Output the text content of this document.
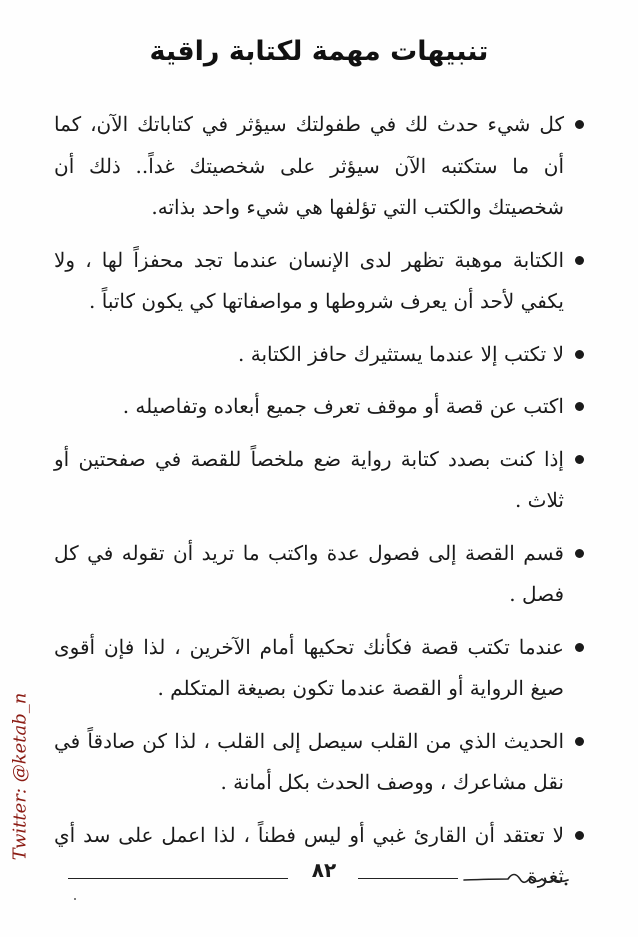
تنبيهات مهمة لكتابة راقية
كل شيء حدث لك في طفولتك سيؤثر في كتاباتك الآن، كما أن ما ستكتبه الآن سيؤثر على شخصيتك غداً.. ذلك أن شخصيتك والكتب التي تؤلفها هي شيء واحد بذاته.
الكتابة موهبة تظهر لدى الإنسان عندما تجد محفزاً لها ، ولا يكفي لأحد أن يعرف شروطها و مواصفاتها كي يكون كاتباً .
لا تكتب إلا عندما يستثيرك حافز الكتابة .
اكتب عن قصة أو موقف تعرف جميع أبعاده وتفاصيله .
إذا كنت بصدد كتابة رواية ضع ملخصاً للقصة في صفحتين أو ثلاث .
قسم القصة إلى فصول عدة واكتب ما تريد أن تقوله في كل فصل .
عندما تكتب قصة فكأنك تحكيها أمام الآخرين ، لذا فإن أقوى صيغ الرواية أو القصة عندما تكون بصيغة المتكلم .
الحديث الذي من القلب سيصل إلى القلب ، لذا كن صادقاً في نقل مشاعرك ، ووصف الحدث بكل أمانة .
لا تعتقد أن القارئ غبي أو ليس فطناً ، لذا اعمل على سد أي ثغرة
Twitter: @ketab_n
٨٢
